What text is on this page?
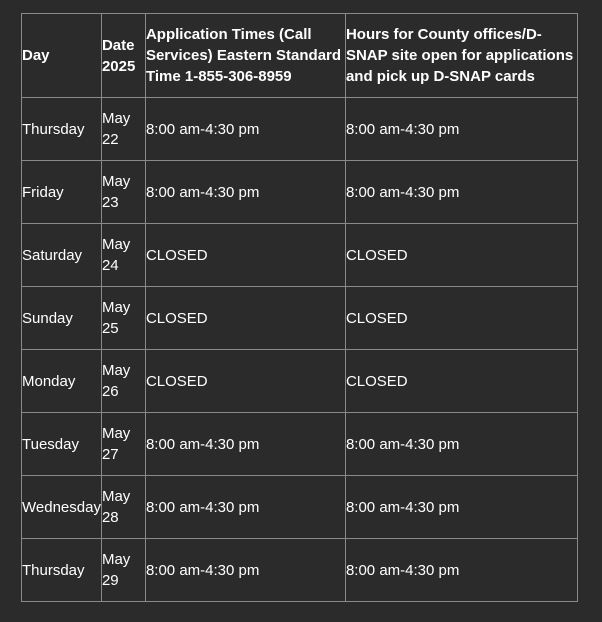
Day	Date 2025	Application Times (Call Services) Eastern Standard Time 1-855-306-8959	Hours for County offices/D-SNAP site open for applications and pick up D-SNAP cards
Thursday	May 22	8:00 am-4:30 pm	8:00 am-4:30 pm
Friday	May 23	8:00 am-4:30 pm	8:00 am-4:30 pm
Saturday	May 24	CLOSED	CLOSED
Sunday	May 25	CLOSED	CLOSED
Monday	May 26	CLOSED	CLOSED
Tuesday	May 27	8:00 am-4:30 pm	8:00 am-4:30 pm
Wednesday	May 28	8:00 am-4:30 pm	8:00 am-4:30 pm
Thursday	May 29	8:00 am-4:30 pm	8:00 am-4:30 pm
